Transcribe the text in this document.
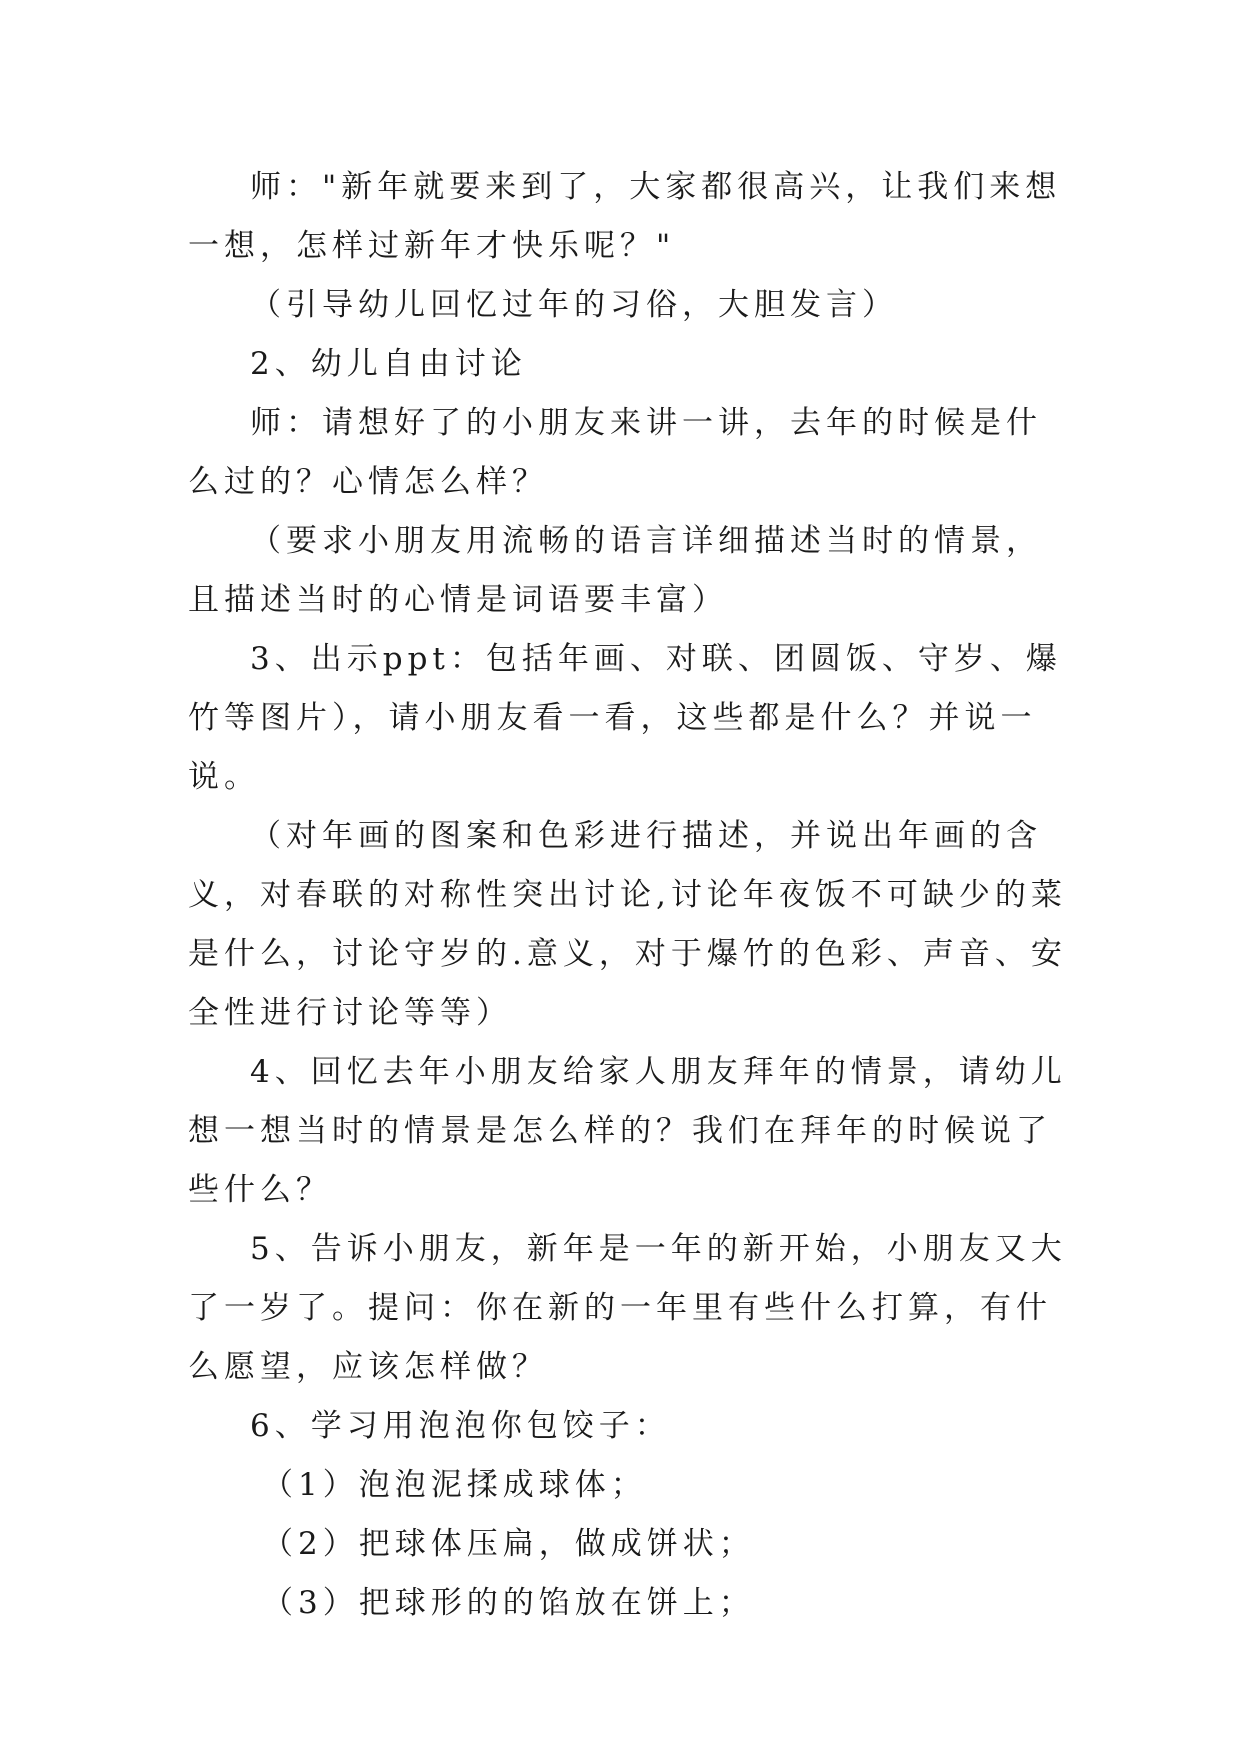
师："新年就要来到了，大家都很高兴，让我们来想一想，怎样过新年才快乐呢？"

（引导幼儿回忆过年的习俗，大胆发言）

2、幼儿自由讨论

师：请想好了的小朋友来讲一讲，去年的时候是什么过的？心情怎么样？

（要求小朋友用流畅的语言详细描述当时的情景，且描述当时的心情是词语要丰富）

3、出示ppt：包括年画、对联、团圆饭、守岁、爆竹等图片），请小朋友看一看，这些都是什么？并说一说。

（对年画的图案和色彩进行描述，并说出年画的含义，对春联的对称性突出讨论,讨论年夜饭不可缺少的菜是什么，讨论守岁的.意义，对于爆竹的色彩、声音、安全性进行讨论等等）

4、回忆去年小朋友给家人朋友拜年的情景，请幼儿想一想当时的情景是怎么样的？我们在拜年的时候说了些什么？

5、告诉小朋友，新年是一年的新开始，小朋友又大了一岁了。提问：你在新的一年里有些什么打算，有什么愿望，应该怎样做？

6、学习用泡泡你包饺子：

（1）泡泡泥揉成球体；

（2）把球体压扁，做成饼状；

（3）把球形的的馅放在饼上；
